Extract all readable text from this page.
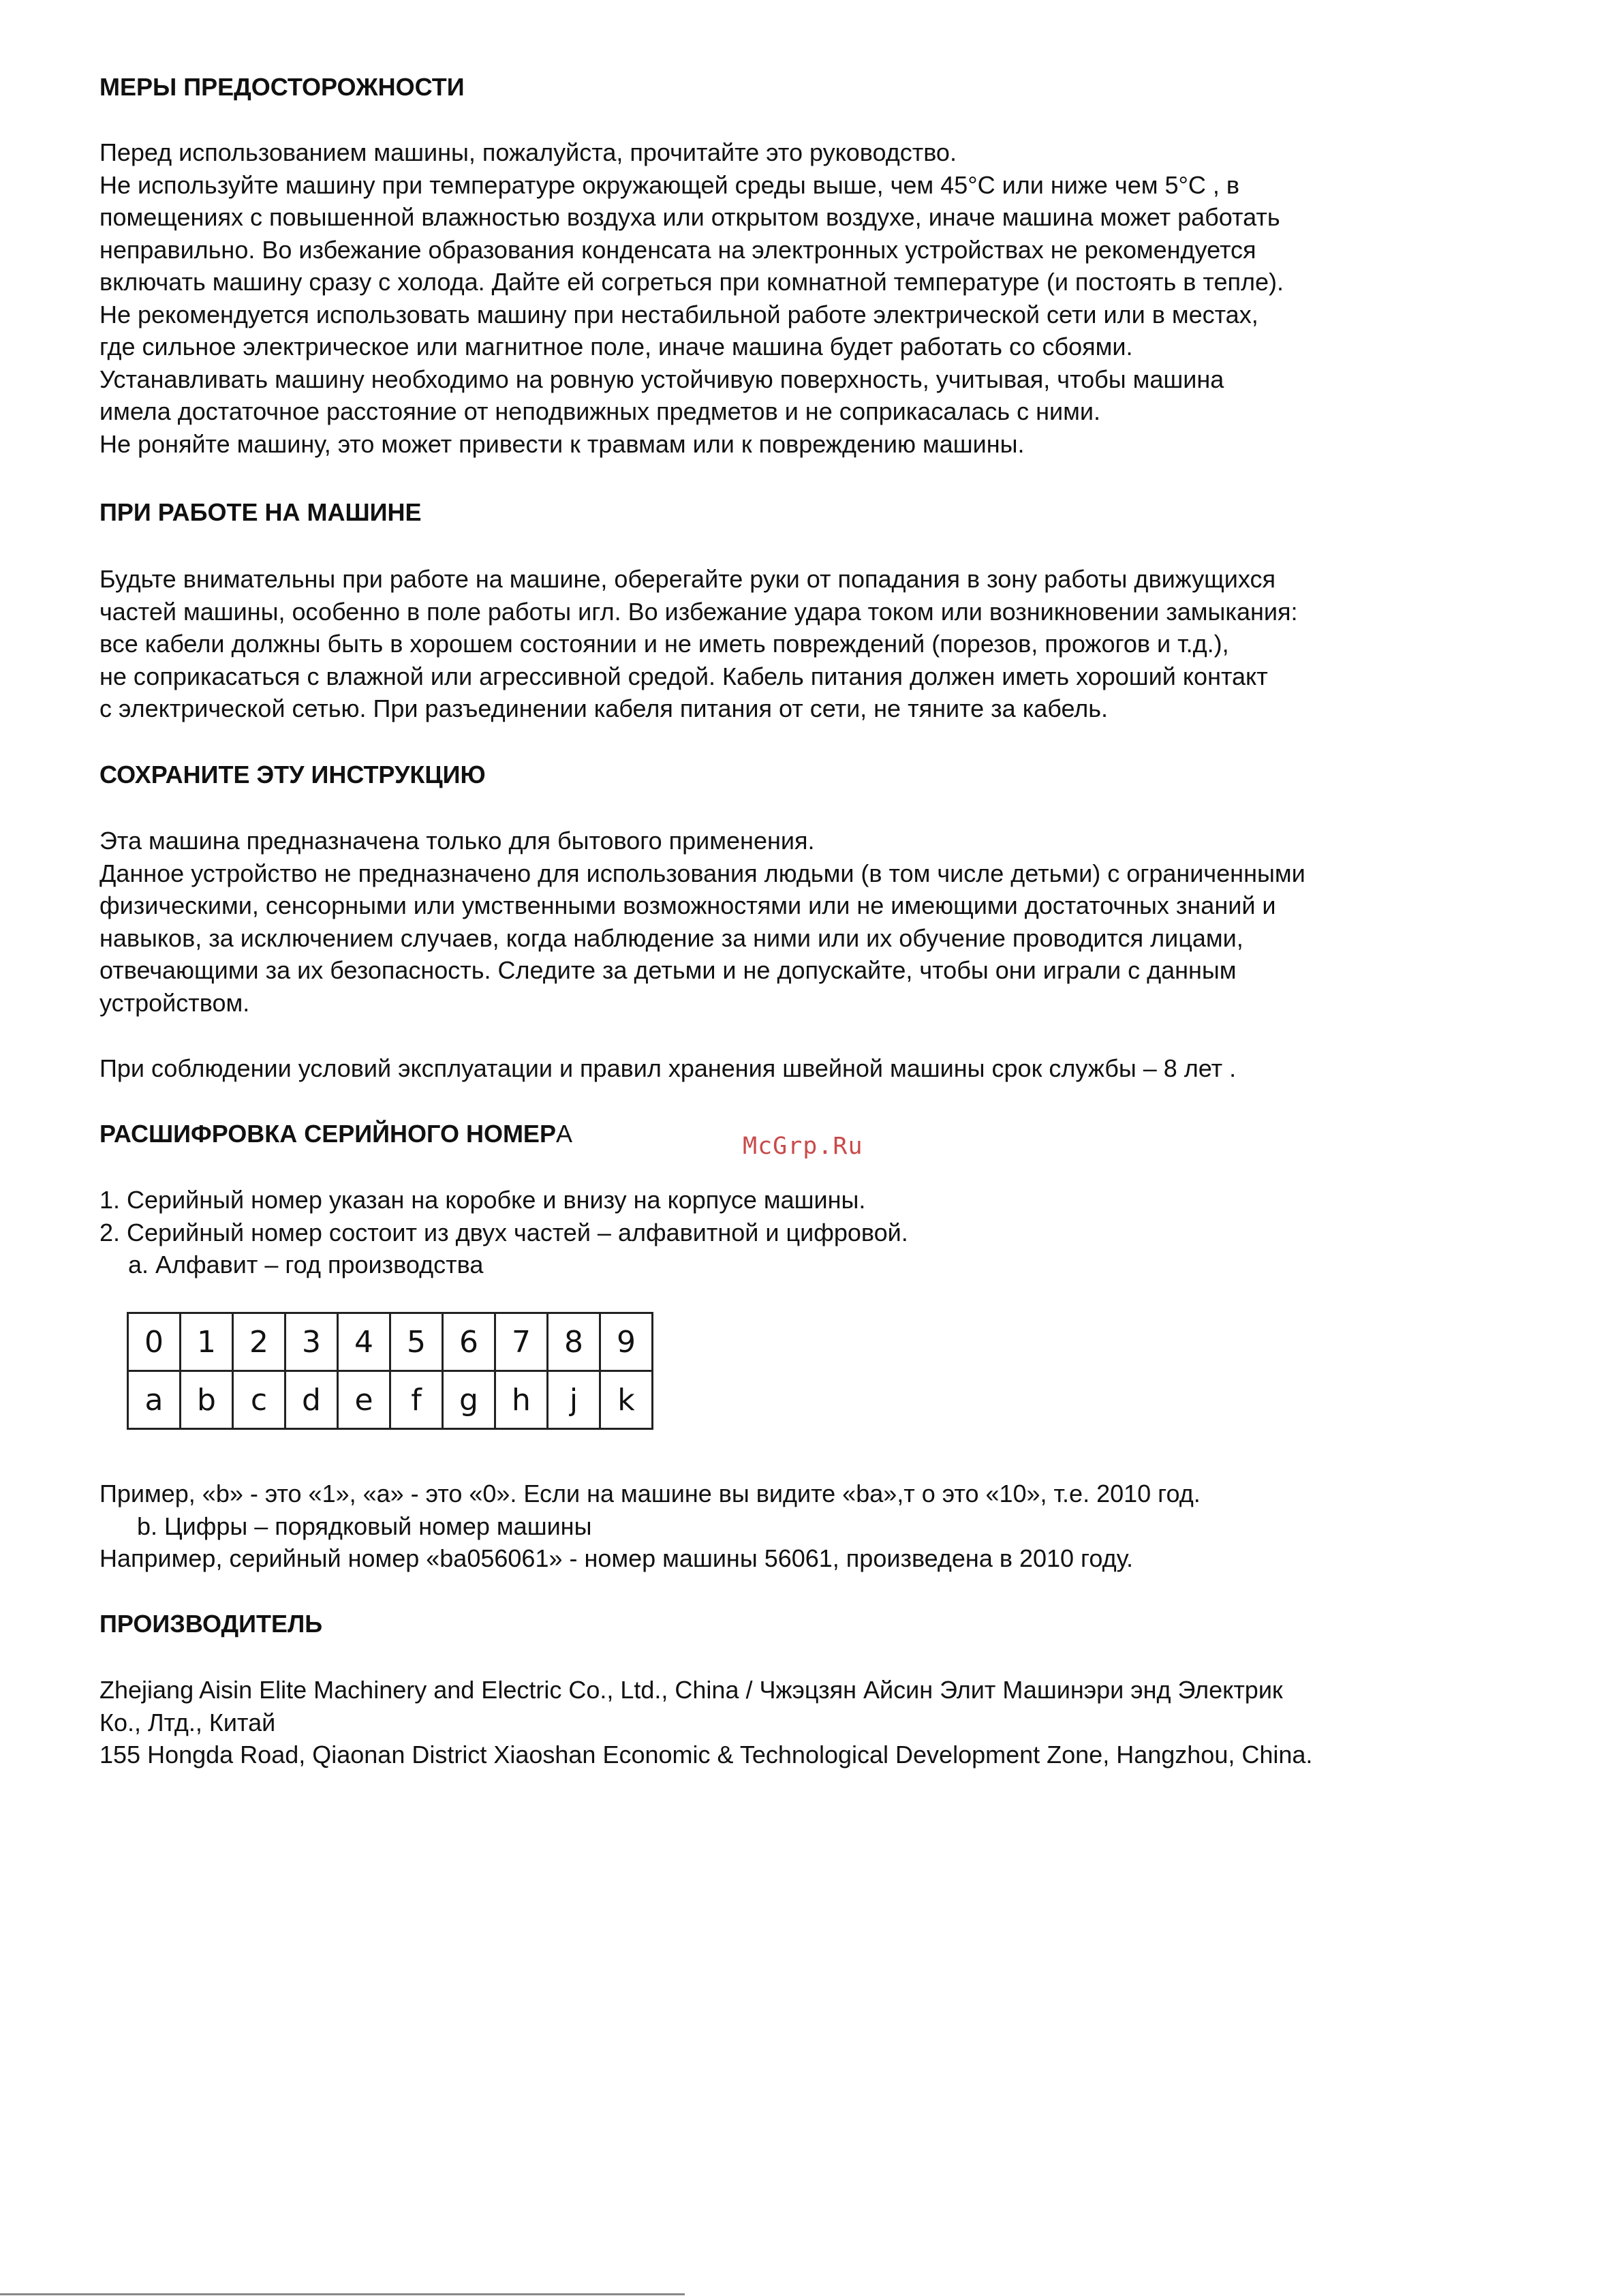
МЕРЫ ПРЕДОСТОРОЖНОСТИ
Перед использованием машины, пожалуйста, прочитайте это руководство.
Не используйте машину при температуре окружающей среды выше, чем 45°C или ниже чем 5°C , в
помещениях с повышенной влажностью воздуха или открытом воздухе, иначе машина может работать
неправильно. Во избежание образования конденсата на электронных устройствах не рекомендуется
включать машину сразу с холода. Дайте ей согреться при комнатной температуре (и постоять в тепле).
Не рекомендуется использовать машину при нестабильной работе электрической сети или в местах,
где сильное электрическое или магнитное поле, иначе машина будет работать со сбоями.
Устанавливать машину необходимо на ровную устойчивую поверхность, учитывая, чтобы машина
имела достаточное расстояние от неподвижных предметов и не соприкасалась с ними.
Не роняйте машину, это может привести к травмам или к повреждению машины.
ПРИ РАБОТЕ НА МАШИНЕ
Будьте внимательны при работе на машине, оберегайте руки от попадания в зону работы движущихся
частей машины, особенно в поле работы игл. Во избежание удара током или возникновении замыкания:
все кабели должны быть в хорошем состоянии и не иметь повреждений (порезов, прожогов и т.д.),
не соприкасаться с влажной или агрессивной средой. Кабель питания должен иметь хороший контакт
с электрической сетью. При разъединении кабеля питания от сети, не тяните за кабель.
СОХРАНИТЕ ЭТУ ИНСТРУКЦИЮ
Эта машина предназначена только для бытового применения.
Данное устройство не предназначено для использования людьми (в том числе детьми) с ограниченными
физическими, сенсорными или умственными возможностями или не имеющими достаточных знаний и
навыков, за исключением случаев, когда наблюдение за ними или их обучение проводится лицами,
отвечающими за их безопасность. Следите за детьми и не допускайте, чтобы они играли с данным
устройством.
При соблюдении условий эксплуатации и правил хранения швейной машины срок службы – 8 лет .
РАСШИФРОВКА СЕРИЙНОГО НОМЕРА
1. Серийный номер указан на коробке и внизу на корпусе машины.
2. Серийный номер состоит из двух частей – алфавитной и цифровой.
a. Алфавит – год производства
0	1	2	3	4	5	6	7	8	9
a	b	c	d	e	f	g	h	j	k
Пример, «b» - это «1», «а» - это «0». Если на машине вы видите «ba»,т о это «10», т.е. 2010 год.
b. Цифры – порядковый номер машины
Например, серийный номер «ba056061» - номер машины 56061, произведена в 2010 году.
ПРОИЗВОДИТЕЛЬ
Zhejiang Aisin Elite Machinery and Electric Co., Ltd., China / Чжэцзян Айсин Элит Машинэри энд Электрик
Ко., Лтд., Китай
155 Hongda Road, Qiaonan District Xiaoshan Economic & Technological Development Zone, Hangzhou, China.
McGrp.Ru
